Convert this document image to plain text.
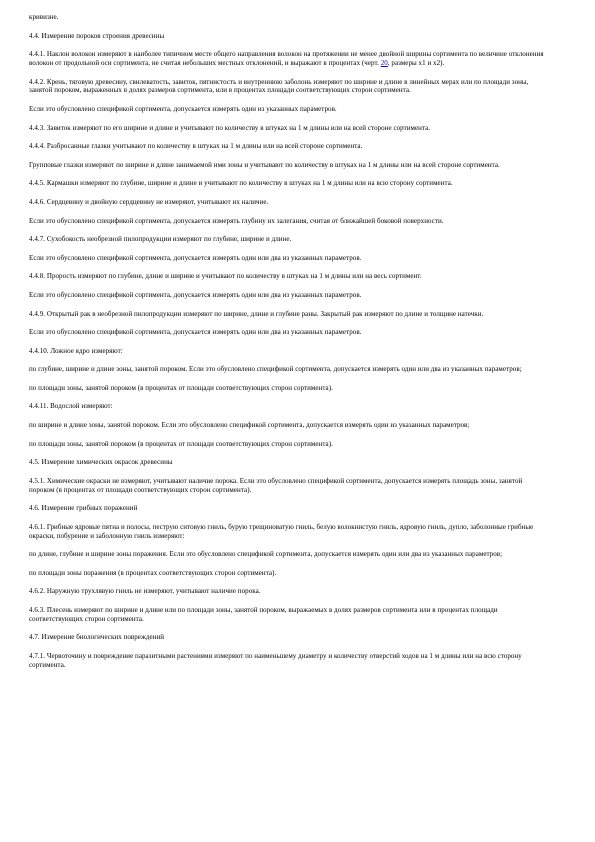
кривизне.

4.4. Измерение пороков строения древесины

4.4.1. Наклон волокон измеряют в наиболее типичном месте общего направления волокон на протяжении не менее двойной ширины сортимента по величине отклонения волокон от продольной оси сортимента, не считая небольших местных отклонений, и выражают в процентах (черт. 20, размеры x1 и x2).

4.4.2. Крень, тяговую древесину, свилеватость, завиток, пятнистость и внутреннюю заболонь измеряют по ширине и длине в линейных мерах или по площади зоны, занятой пороком, выраженных в долях размеров сортимента, или в процентах площади соответствующих сторон сортимента.

Если это обусловлено спецификой сортимента, допускается измерять один из указанных параметров.

4.4.3. Завиток измеряют по его ширине и длине и учитывают по количеству в штуках на 1 м длины или на всей стороне сортимента.

4.4.4. Разбросанные глазки учитывают по количеству в штуках на 1 м длины или на всей стороне сортимента.

Групповые глазки измеряют по ширине и длине занимаемой ими зоны и учитывают по количеству в штуках на 1 м длины или на всей стороне сортимента.

4.4.5. Кармашки измеряют по глубине, ширине и длине и учитывают по количеству в штуках на 1 м длины или на всю сторону сортимента.

4.4.6. Сердцевину и двойную сердцевину не измеряют, учитывают их наличие.

Если это обусловлено спецификой сортимента, допускается измерять глубину их залегания, считая от ближайшей боковой поверхности.

4.4.7. Сухобокость необрезной пилопродукции измеряют по глубине, ширине и длине.

Если это обусловлено спецификой сортимента, допускается измерять один или два из указанных параметров.

4.4.8. Прорость измеряют по глубине, длине и ширине и учитывают по количеству в штуках на 1 м длины или на весь сортимент.

Если это обусловлено спецификой сортимента, допускается измерять один или два из указанных параметров.

4.4.9. Открытый рак в необрезной пилопродукции измеряют по ширине, длине и глубине раны. Закрытый рак измеряют по длине и толщине натечки.

Если это обусловлено спецификой сортимента, допускается измерять один или два из указанных параметров.

4.4.10. Ложное ядро измеряют:

по глубине, ширине и длине зоны, занятой пороком. Если это обусловлено спецификой сортимента, допускается измерять один или два из указанных параметров;

по площади зоны, занятой пороком (в процентах от площади соответствующих сторон сортимента).

4.4.11. Водослой измеряют:

по ширине и длине зоны, занятой пороком. Если это обусловлено спецификой сортимента, допускается измерять один из указанных параметров;

по площади зоны, занятой пороком (в процентах от площади соответствующих сторон сортимента).

4.5. Измерение химических окрасок древесины

4.5.1. Химические окраски не измеряют, учитывают наличие порока. Если это обусловлено спецификой сортимента, допускается измерять площадь зоны, занятой пороком (в процентах от площади соответствующих сторон сортимента).

4.6. Измерение грибных поражений

4.6.1. Грибные ядровые пятна и полосы, пеструю ситовую гниль, бурую трещиноватую гниль, белую волокнистую гниль, ядровую гниль, дупло, заболонные грибные окраски, побурение и заболонную гниль измеряют:

по длине, глубине и ширине зоны поражения. Если это обусловлено спецификой сортимента, допускается измерять один или два из указанных параметров;

по площади зоны поражения (в процентах соответствующих сторон сортимента).

4.6.2. Наружную трухлявую гниль не измеряют, учитывают наличие порока.

4.6.3. Плесень измеряют по ширине и длине или по площади зоны, занятой пороком, выражаемых в долях размеров сортимента или в процентах площади соответствующих сторон сортимента.

4.7. Измерение биологических повреждений

4.7.1. Червоточину и повреждение паразитными растениями измеряют по наименьшему диаметру и количеству отверстий ходов на 1 м длины или на всю сторону сортимента.
